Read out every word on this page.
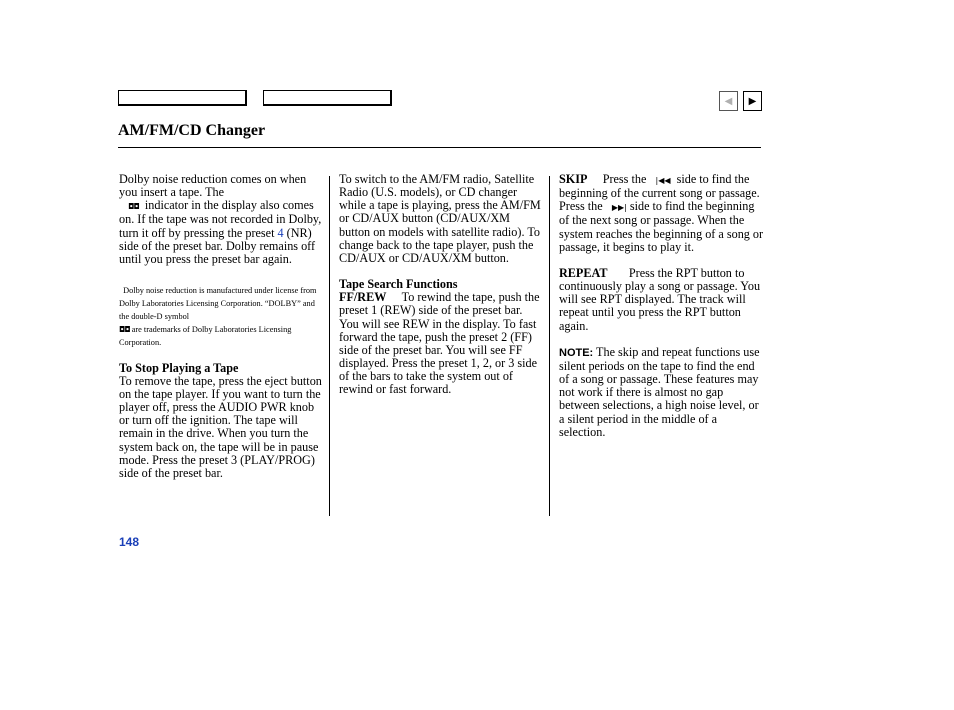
◀	▶
AM/FM/CD Changer

Dolby noise reduction comes on when you insert a tape. The
◘◘ indicator in the display also comes on. If the tape was not recorded in Dolby, turn it off by pressing the preset 4 (NR) side of the preset bar. Dolby remains off until you press the preset bar again.

Dolby noise reduction is manufactured under license from Dolby Laboratories Licensing Corporation. “DOLBY” and the double-D symbol
◘◘ are trademarks of Dolby Laboratories Licensing Corporation.

To Stop Playing a Tape

To remove the tape, press the eject button on the tape player. If you want to turn the player off, press the AUDIO PWR knob or turn off the ignition. The tape will remain in the drive. When you turn the system back on, the tape will be in pause mode. Press the preset 3 (PLAY/PROG) side of the preset bar.

To switch to the AM/FM radio, Satellite Radio (U.S. models), or CD changer while a tape is playing, press the AM/FM or CD/AUX button (CD/AUX/XM button on models with satellite radio). To change back to the tape player, push the CD/AUX or CD/AUX/XM button.

Tape Search Functions

FF/REW To rewind the tape, push the preset 1 (REW) side of the preset bar. You will see REW in the display. To fast forward the tape, push the preset 2 (FF) side of the preset bar. You will see FF displayed. Press the preset 1, 2, or 3 side of the bars to take the system out of rewind or fast forward.

SKIP Press the   |◀◀  side to find the beginning of the current song or passage. Press the   ▶▶| side to find the beginning of the next song or passage. When the system reaches the beginning of a song or passage, it begins to play it.

REPEAT Press the RPT button to continuously play a song or passage. You will see RPT displayed. The track will repeat until you press the RPT button again.

NOTE: The skip and repeat functions use silent periods on the tape to find the end of a song or passage. These features may not work if there is almost no gap between selections, a high noise level, or a silent period in the middle of a selection.

148
